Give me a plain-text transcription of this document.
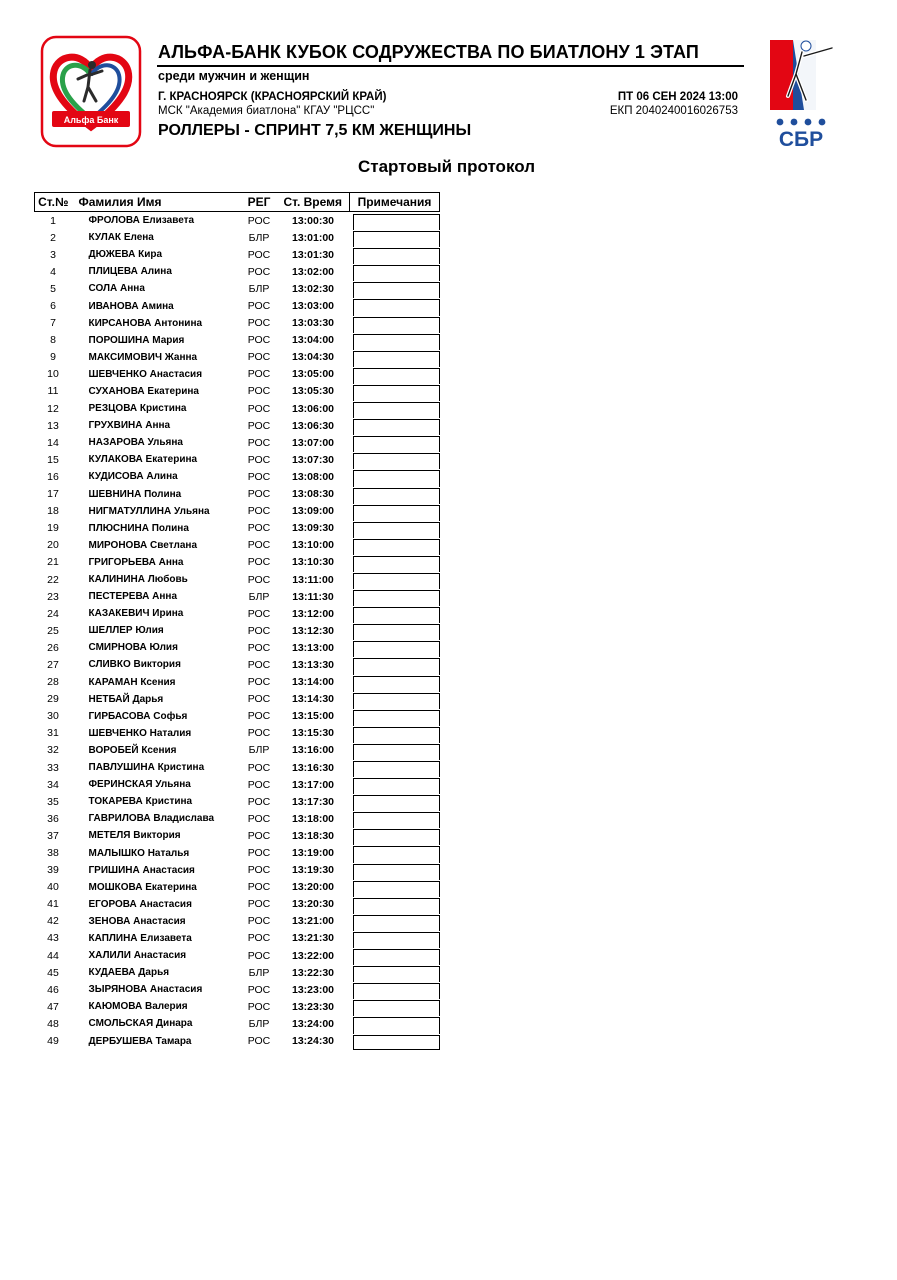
Альфа Банк
СБР
АЛЬФА-БАНК КУБОК СОДРУЖЕСТВА ПО БИАТЛОНУ 1 ЭТАП
среди мужчин и женщин
Г. КРАСНОЯРСК (КРАСНОЯРСКИЙ КРАЙ)
МСК "Академия биатлона" КГАУ "РЦСС"
РОЛЛЕРЫ - СПРИНТ 7,5 КМ ЖЕНЩИНЫ
ПТ 06 СЕН 2024 13:00
ЕКП 2040240016026753
Стартовый протокол
Ст.№	Фамилия Имя	РЕГ	Ст. Время	Примечания
1	ФРОЛОВА Елизавета	РОС	13:00:30	

2	КУЛАК Елена	БЛР	13:01:00	

3	ДЮЖЕВА Кира	РОС	13:01:30	

4	ПЛИЦЕВА Алина	РОС	13:02:00	

5	СОЛА Анна	БЛР	13:02:30	

6	ИВАНОВА Амина	РОС	13:03:00	

7	КИРСАНОВА Антонина	РОС	13:03:30	

8	ПОРОШИНА Мария	РОС	13:04:00	

9	МАКСИМОВИЧ Жанна	РОС	13:04:30	

10	ШЕВЧЕНКО Анастасия	РОС	13:05:00	

11	СУХАНОВА Екатерина	РОС	13:05:30	

12	РЕЗЦОВА Кристина	РОС	13:06:00	

13	ГРУХВИНА Анна	РОС	13:06:30	

14	НАЗАРОВА Ульяна	РОС	13:07:00	

15	КУЛАКОВА Екатерина	РОС	13:07:30	

16	КУДИСОВА Алина	РОС	13:08:00	

17	ШЕВНИНА Полина	РОС	13:08:30	

18	НИГМАТУЛЛИНА Ульяна	РОС	13:09:00	

19	ПЛЮСНИНА Полина	РОС	13:09:30	

20	МИРОНОВА Светлана	РОС	13:10:00	

21	ГРИГОРЬЕВА Анна	РОС	13:10:30	

22	КАЛИНИНА Любовь	РОС	13:11:00	

23	ПЕСТЕРЕВА Анна	БЛР	13:11:30	

24	КАЗАКЕВИЧ Ирина	РОС	13:12:00	

25	ШЕЛЛЕР Юлия	РОС	13:12:30	

26	СМИРНОВА Юлия	РОС	13:13:00	

27	СЛИВКО Виктория	РОС	13:13:30	

28	КАРАМАН Ксения	РОС	13:14:00	

29	НЕТБАЙ Дарья	РОС	13:14:30	

30	ГИРБАСОВА Софья	РОС	13:15:00	

31	ШЕВЧЕНКО Наталия	РОС	13:15:30	

32	ВОРОБЕЙ Ксения	БЛР	13:16:00	

33	ПАВЛУШИНА Кристина	РОС	13:16:30	

34	ФЕРИНСКАЯ Ульяна	РОС	13:17:00	

35	ТОКАРЕВА Кристина	РОС	13:17:30	

36	ГАВРИЛОВА Владислава	РОС	13:18:00	

37	МЕТЕЛЯ Виктория	РОС	13:18:30	

38	МАЛЫШКО Наталья	РОС	13:19:00	

39	ГРИШИНА Анастасия	РОС	13:19:30	

40	МОШКОВА Екатерина	РОС	13:20:00	

41	ЕГОРОВА Анастасия	РОС	13:20:30	

42	ЗЕНОВА Анастасия	РОС	13:21:00	

43	КАПЛИНА Елизавета	РОС	13:21:30	

44	ХАЛИЛИ Анастасия	РОС	13:22:00	

45	КУДАЕВА Дарья	БЛР	13:22:30	

46	ЗЫРЯНОВА Анастасия	РОС	13:23:00	

47	КАЮМОВА Валерия	РОС	13:23:30	

48	СМОЛЬСКАЯ Динара	БЛР	13:24:00	

49	ДЕРБУШЕВА Тамара	РОС	13:24:30	
